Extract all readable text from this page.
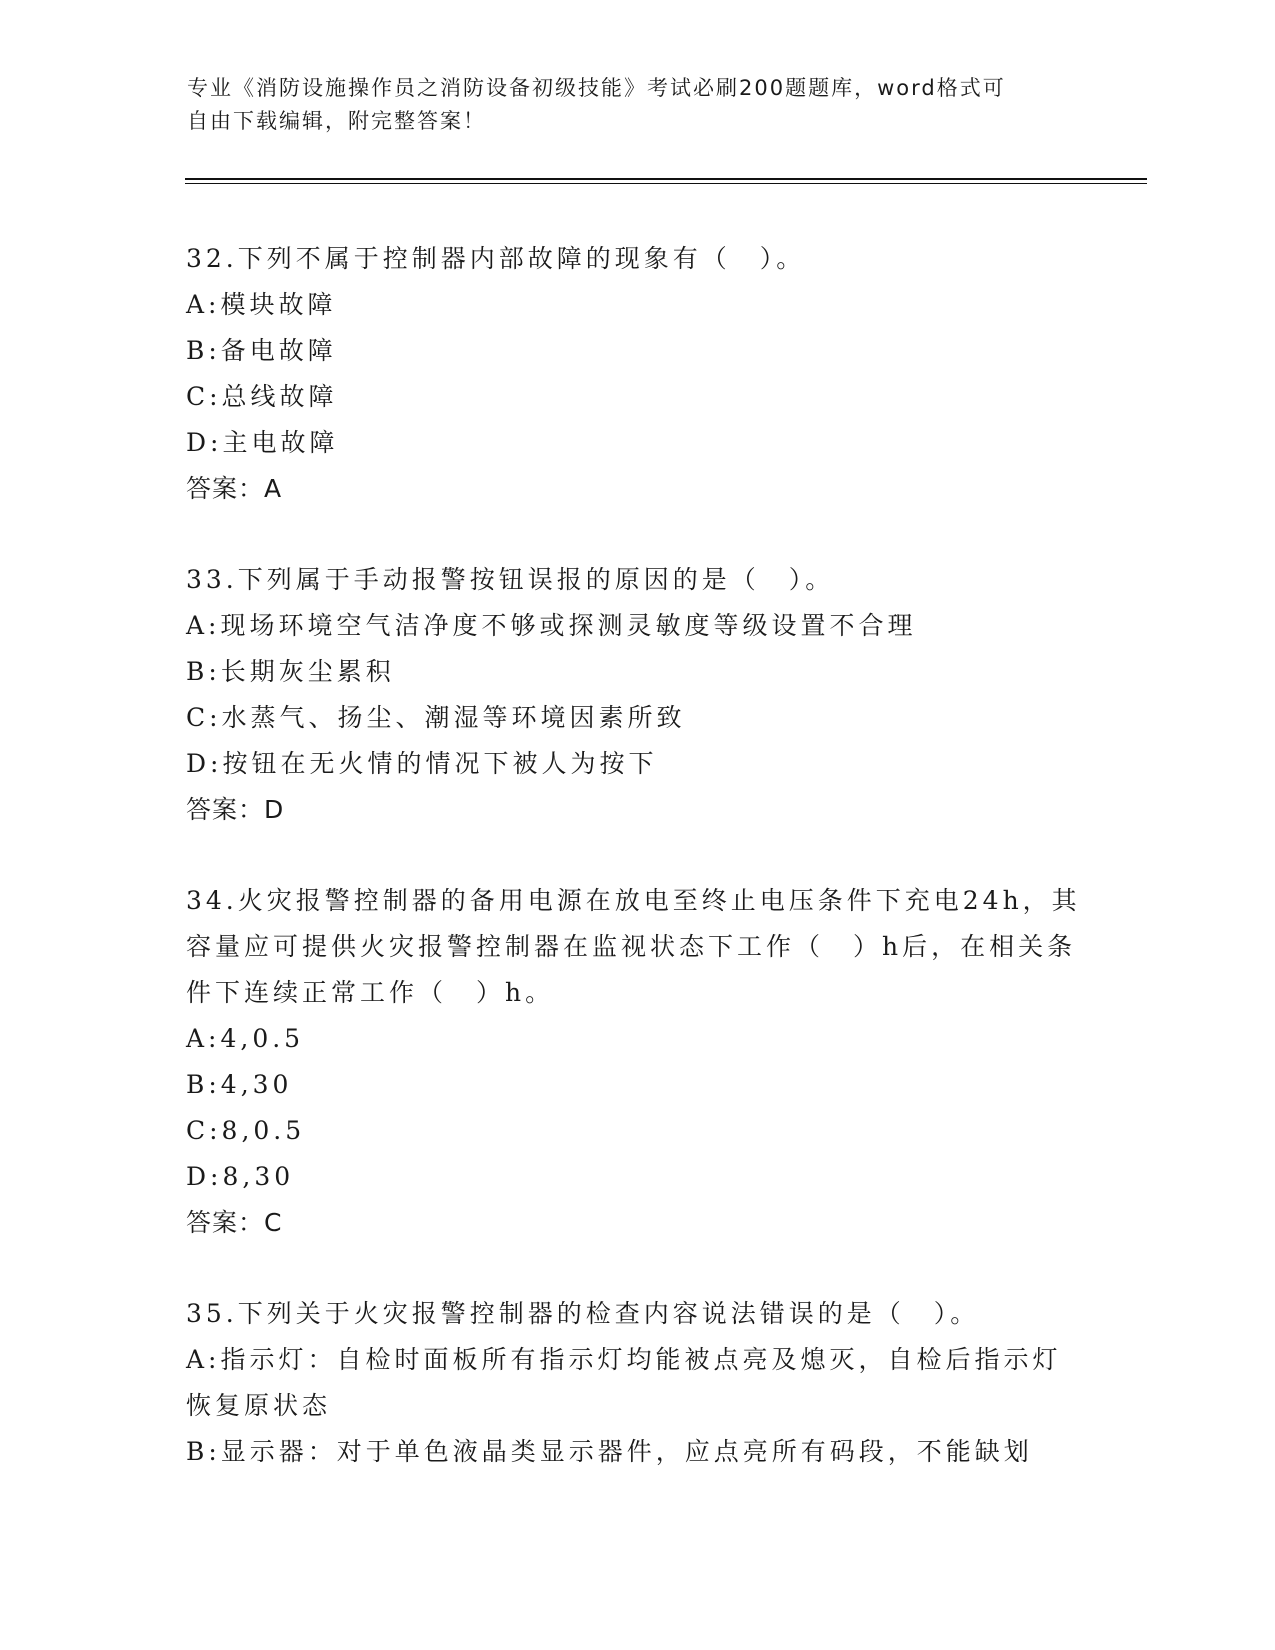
专业《消防设施操作员之消防设备初级技能》考试必刷200题题库，word格式可
自由下载编辑，附完整答案！
32.下列不属于控制器内部故障的现象有（　）。
A:模块故障
B:备电故障
C:总线故障
D:主电故障
答案：A
33.下列属于手动报警按钮误报的原因的是（　）。
A:现场环境空气洁净度不够或探测灵敏度等级设置不合理
B:长期灰尘累积
C:水蒸气、扬尘、潮湿等环境因素所致
D:按钮在无火情的情况下被人为按下
答案：D
34.火灾报警控制器的备用电源在放电至终止电压条件下充电24h，其
容量应可提供火灾报警控制器在监视状态下工作（　）h后，在相关条
件下连续正常工作（　）h。
A:4,0.5
B:4,30
C:8,0.5
D:8,30
答案：C
35.下列关于火灾报警控制器的检查内容说法错误的是（　）。
A:指示灯：自检时面板所有指示灯均能被点亮及熄灭，自检后指示灯
恢复原状态
B:显示器：对于单色液晶类显示器件，应点亮所有码段，不能缺划
